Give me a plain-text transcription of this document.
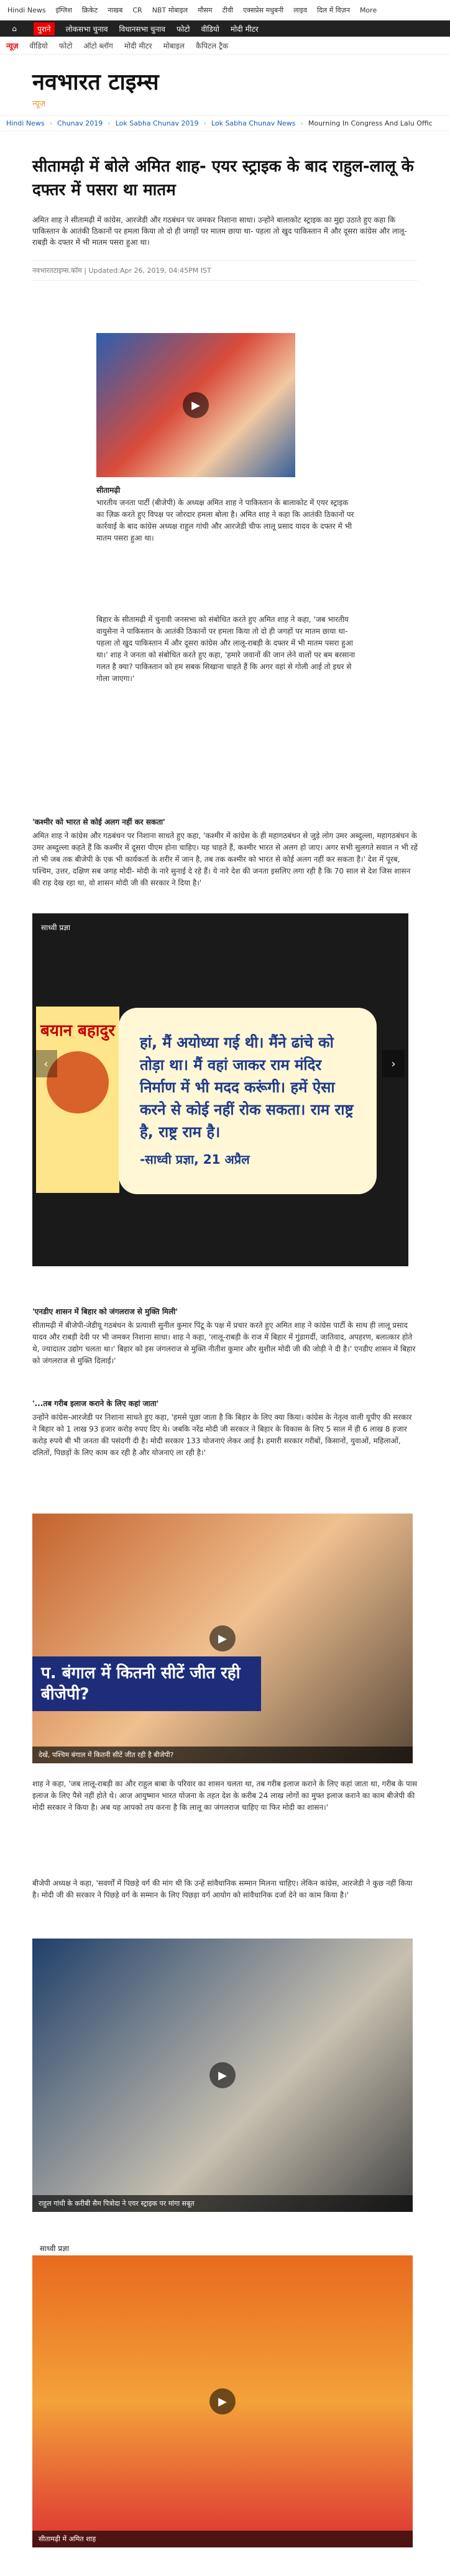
Hindi News इंग्लिश क्रिकेट नाखब CR NBT मोबाइल मौसम टीवी एक्सप्रेस मधुबनी लाइव दिल में विज़न More
⌂	पुराने	लोकसभा चुनाव विधानसभा चुनाव फोटो वीडियो मोदी मीटर
न्यूज़ वीडियो फोटो ऑटो ब्लॉग मोदी मीटर मोबाइल कैपिटल ट्रैक
नवभारत टाइम्स
न्यूज़
Hindi News › Chunav 2019 › Lok Sabha Chunav 2019 › Lok Sabha Chunav News › Mourning In Congress And Lalu Offic
सीतामढ़ी में बोले अमित शाह- एयर स्ट्राइक के बाद राहुल-लालू के दफ्तर में पसरा था मातम
अमित शाह ने सीतामढ़ी में कांग्रेस, आरजेडी और गठबंधन पर जमकर निशाना साधा। उन्होंने बालाकोट स्ट्राइक का मुद्दा उठाते हुए कहा कि पाकिस्तान के आतंकी ठिकानों पर हमला किया तो दो ही जगहों पर मातम छाया था- पहला तो खुद पाकिस्तान में और दूसरा कांग्रेस और लालू-राबड़ी के दफ्तर में भी मातम पसरा हुआ था।
नवभारतटाइम्स.कॉम | Updated:Apr 26, 2019, 04:45PM IST
▶
सीतामढ़ी
भारतीय जनता पार्टी (बीजेपी) के अध्यक्ष अमित शाह ने पाकिस्तान के बालाकोट में एयर स्ट्राइक का ज़िक्र करते हुए विपक्ष पर जोरदार हमला बोला है। अमित शाह ने कहा कि आतंकी ठिकानों पर कार्रवाई के बाद कांग्रेस अध्यक्ष राहुल गांधी और आरजेडी चीफ लालू प्रसाद यादव के दफ्तर में भी मातम पसरा हुआ था।
बिहार के सीतामढ़ी में चुनावी जनसभा को संबोधित करते हुए अमित शाह ने कहा, 'जब भारतीय वायुसेना ने पाकिस्तान के आतंकी ठिकानों पर हमला किया तो दो ही जगहों पर मातम छाया था- पहला तो खुद पाकिस्तान में और दूसरा कांग्रेस और लालू-राबड़ी के दफ्तर में भी मातम पसरा हुआ था।' शाह ने जनता को संबोधित करते हुए कहा, 'हमारे जवानों की जान लेने वालों पर बम बरसाना गलत है क्या? पाकिस्तान को हम सबक सिखाना चाहते हैं कि अगर वहां से गोली आई तो इधर से गोला जाएगा।'
'कश्मीर को भारत से कोई अलग नहीं कर सकता'
अमित शाह ने कांग्रेस और गठबंधन पर निशाना साधते हुए कहा, 'कश्मीर में कांग्रेस के ही महागठबंधन से जुड़े लोग उमर अब्दुल्ला, महागठबंधन के उमर अब्दुल्ला कहते हैं कि कश्मीर में दूसरा पीएम होना चाहिए। यह चाहते हैं, कश्मीर भारत से अलग हो जाए। अगर सभी सुलगते सवाल न भी रहें तो भी जब तक बीजेपी के एक भी कार्यकर्ता के शरीर में जान है, तब तक कश्मीर को भारत से कोई अलग नहीं कर सकता है।' देश में पूरब, पश्चिम, उत्तर, दक्षिण सब जगह मोदी- मोदी के नारे सुनाई दे रहे हैं। ये नारे देश की जनता इसलिए लगा रही है कि 70 साल से देश जिस शासन की राह देख रहा था, वो शासन मोदी जी की सरकार ने दिया है।'
साध्वी प्रज्ञा
बयान बहादुर
हां, मैं अयोध्या गई थी। मैंने ढांचे को तोड़ा था। मैं वहां जाकर राम मंदिर निर्माण में भी मदद करूंगी। हमें ऐसा करने से कोई नहीं रोक सकता। राम राष्ट्र है, राष्ट्र राम है।
-साध्वी प्रज्ञा, 21 अप्रैल
‹	›
'एनडीए शासन में बिहार को जंगलराज से मुक्ति मिली'
सीतामढ़ी में बीजेपी-जेडीयू गठबंधन के प्रत्याशी सुनील कुमार पिंटू के पक्ष में प्रचार करते हुए अमित शाह ने कांग्रेस पार्टी के साथ ही लालू प्रसाद यादव और राबड़ी देवी पर भी जमकर निशाना साधा। शाह ने कहा, 'लालू-राबड़ी के राज में बिहार में गुंडागर्दी, जातिवाद, अपहरण, बलात्कार होते थे, ज्यादातर उद्योग चलता था।' बिहार को इस जंगलराज से मुक्ति नीतीश कुमार और सुशील मोदी जी की जोड़ी ने दी है।' एनडीए शासन में बिहार को जंगलराज से मुक्ति दिलाई।'
'...तब गरीब इलाज कराने के लिए कहां जाता'
उन्होंने कांग्रेस-आरजेडी पर निशाना साधते हुए कहा, 'हमसे पूछा जाता है कि बिहार के लिए क्या किया। कांग्रेस के नेतृत्व वाली यूपीए की सरकार ने बिहार को 1 लाख 93 हजार करोड़ रुपए दिए थे। जबकि नरेंद्र मोदी जी सरकार ने बिहार के विकास के लिए 5 साल में ही 6 लाख 8 हजार करोड़ रुपये बी भी जनता की पसंदगी दी है। मोदी सरकार 133 योजनाएं लेकर आई है। हमारी सरकार गरीबों, किसानों, युवाओं, महिलाओं, दलितों, पिछड़ों के लिए काम कर रही है और योजनाएं ला रही है।'
प. बंगाल में कितनी सीटें जीत रही बीजेपी?
▶
देखें, पश्चिम बंगाल में कितनी सीटें जीत रही है बीजेपी?
शाह ने कहा, 'जब लालू-राबड़ी का और राहुल बाबा के परिवार का शासन चलता था, तब गरीब इलाज कराने के लिए कहां जाता था, गरीब के पास इलाज के लिए पैसे नहीं होते थे। आज आयुष्मान भारत योजना के तहत देश के करीब 24 लाख लोगों का मुफ्त इलाज कराने का काम बीजेपी की मोदी सरकार ने किया है। अब यह आपको तय करना है कि लालू का जंगलराज चाहिए या फिर मोदी का शासन।'
बीजेपी अध्यक्ष ने कहा, 'सवर्णों में पिछड़े वर्ग की मांग थी कि उन्हें सांवैधानिक सम्मान मिलना चाहिए। लेकिन कांग्रेस, आरजेडी ने कुछ नहीं किया है। मोदी जी की सरकार ने पिछड़े वर्ग के सम्मान के लिए पिछड़ा वर्ग आयोग को सांवैधानिक दर्जा देने का काम किया है।'
▶
राहुल गांधी के करीबी सैम पित्रोदा ने एयर स्ट्राइक पर मांगा सबूत
साध्वी प्रज्ञा
▶
सीतामढ़ी में अमित शाह
